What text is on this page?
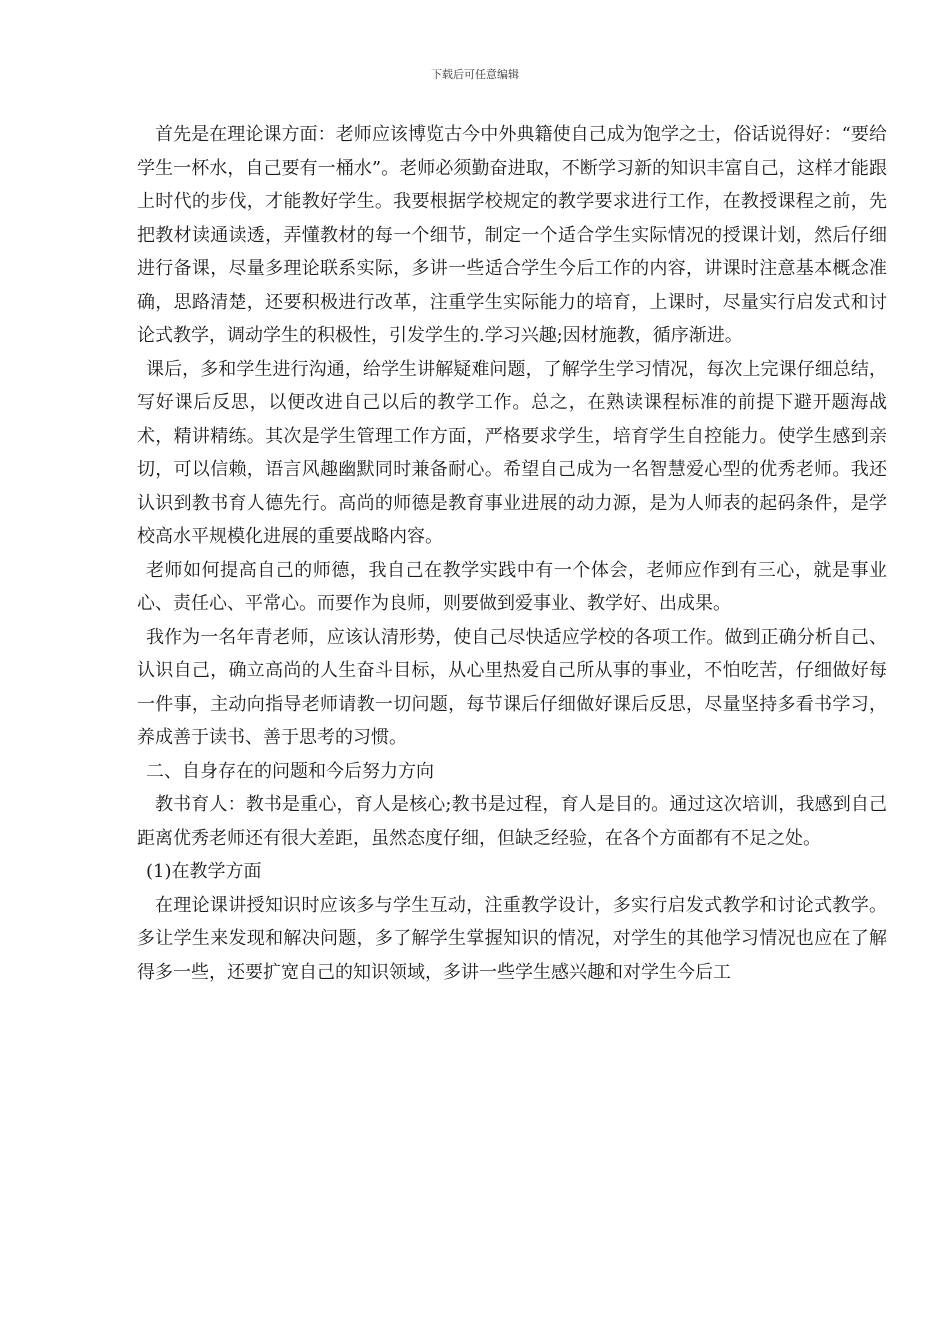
下载后可任意编辑

首先是在理论课方面：老师应该博览古今中外典籍使自己成为饱学之士，俗话说得好：“要给学生一杯水，自己要有一桶水”。老师必须勤奋进取，不断学习新的知识丰富自己，这样才能跟上时代的步伐，才能教好学生。我要根据学校规定的教学要求进行工作，在教授课程之前，先把教材读通读透，弄懂教材的每一个细节，制定一个适合学生实际情况的授课计划，然后仔细进行备课，尽量多理论联系实际，多讲一些适合学生今后工作的内容，讲课时注意基本概念准确，思路清楚，还要积极进行改革，注重学生实际能力的培育，上课时，尽量实行启发式和讨论式教学，调动学生的积极性，引发学生的.学习兴趣;因材施教，循序渐进。

课后，多和学生进行沟通，给学生讲解疑难问题，了解学生学习情况，每次上完课仔细总结，写好课后反思，以便改进自己以后的教学工作。总之，在熟读课程标准的前提下避开题海战术，精讲精练。其次是学生管理工作方面，严格要求学生，培育学生自控能力。使学生感到亲切，可以信赖，语言风趣幽默同时兼备耐心。希望自己成为一名智慧爱心型的优秀老师。我还认识到教书育人德先行。高尚的师德是教育事业进展的动力源，是为人师表的起码条件，是学校高水平规模化进展的重要战略内容。

老师如何提高自己的师德，我自己在教学实践中有一个体会，老师应作到有三心，就是事业心、责任心、平常心。而要作为良师，则要做到爱事业、教学好、出成果。

我作为一名年青老师，应该认清形势，使自己尽快适应学校的各项工作。做到正确分析自己、认识自己，确立高尚的人生奋斗目标，从心里热爱自己所从事的事业，不怕吃苦，仔细做好每一件事，主动向指导老师请教一切问题，每节课后仔细做好课后反思，尽量坚持多看书学习，养成善于读书、善于思考的习惯。

二、自身存在的问题和今后努力方向

教书育人：教书是重心，育人是核心;教书是过程，育人是目的。通过这次培训，我感到自己距离优秀老师还有很大差距，虽然态度仔细，但缺乏经验，在各个方面都有不足之处。

(1)在教学方面

在理论课讲授知识时应该多与学生互动，注重教学设计，多实行启发式教学和讨论式教学。多让学生来发现和解决问题，多了解学生掌握知识的情况，对学生的其他学习情况也应在了解得多一些，还要扩宽自己的知识领域，多讲一些学生感兴趣和对学生今后工
